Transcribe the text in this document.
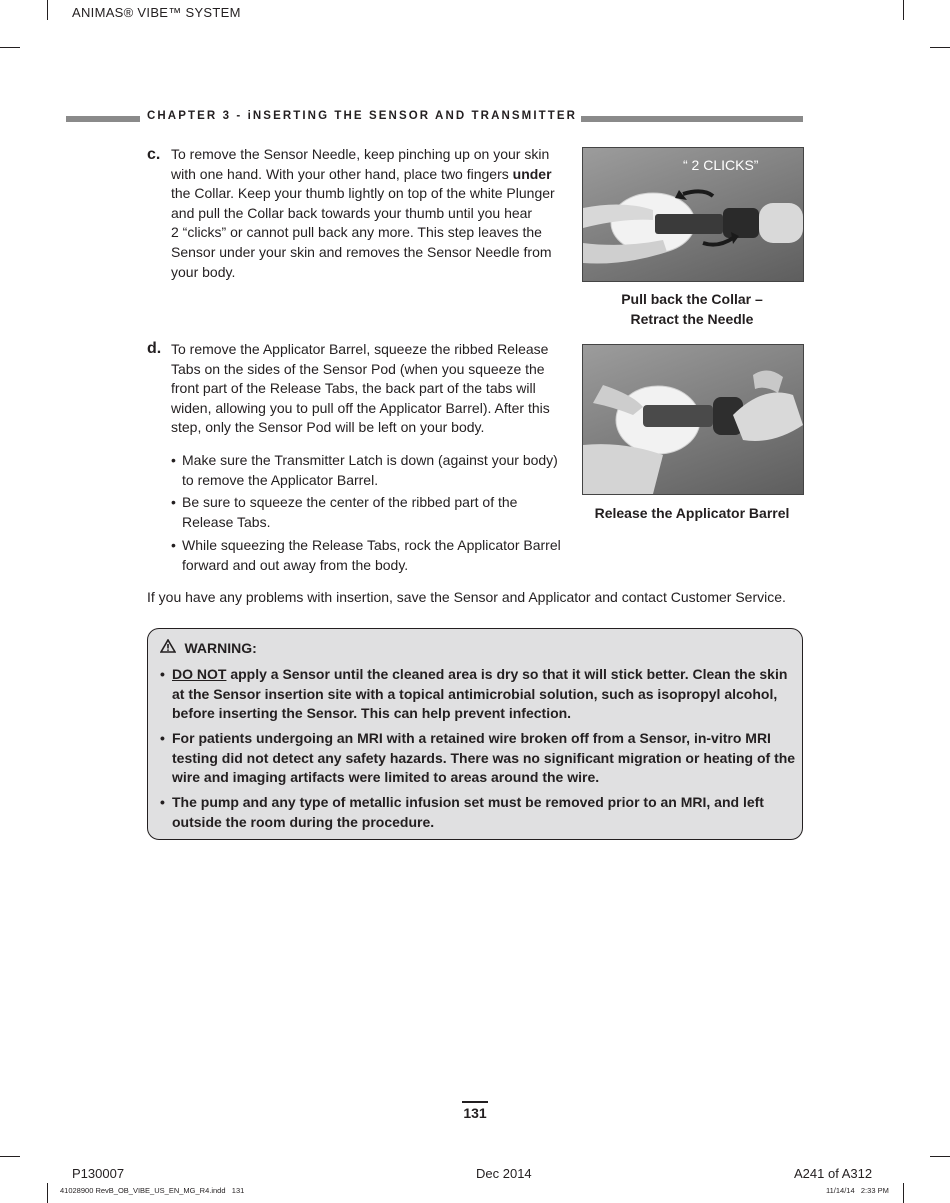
ANIMAS® VIBE™ SYSTEM
CHAPTER 3 - iNSERTING THE SENSOR AND TRANSMITTER
c. To remove the Sensor Needle, keep pinching up on your skin
with one hand. With your other hand, place two fingers under
the Collar. Keep your thumb lightly on top of the white Plunger
and pull the Collar back towards your thumb until you hear
2 “clicks” or cannot pull back any more. This step leaves the
Sensor under your skin and removes the Sensor Needle from
your body.
“ 2 CLICKS”
Pull back the Collar –
Retract the Needle
d. To remove the Applicator Barrel, squeeze the ribbed Release
Tabs on the sides of the Sensor Pod (when you squeeze the
front part of the Release Tabs, the back part of the tabs will
widen, allowing you to pull off the Applicator Barrel). After this
step, only the Sensor Pod will be left on your body.
• Make sure the Transmitter Latch is down (against your body)
to remove the Applicator Barrel.
• Be sure to squeeze the center of the ribbed part of the
Release Tabs.
• While squeezing the Release Tabs, rock the Applicator Barrel
forward and out away from the body.
Release the Applicator Barrel
If you have any problems with insertion, save the Sensor and Applicator and contact Customer Service.
WARNING:
• DO NOT apply a Sensor until the cleaned area is dry so that it will stick better. Clean the skin
at the Sensor insertion site with a topical antimicrobial solution, such as isopropyl alcohol,
before inserting the Sensor. This can help prevent infection.
• For patients undergoing an MRI with a retained wire broken off from a Sensor, in-vitro MRI
testing did not detect any safety hazards. There was no significant migration or heating of the
wire and imaging artifacts were limited to areas around the wire.
• The pump and any type of metallic infusion set must be removed prior to an MRI, and left
outside the room during the procedure.
131
P130007	Dec 2014	A241 of A312
41028900 RevB_OB_VIBE_US_EN_MG_R4.indd   131	11/14/14   2:33 PM
